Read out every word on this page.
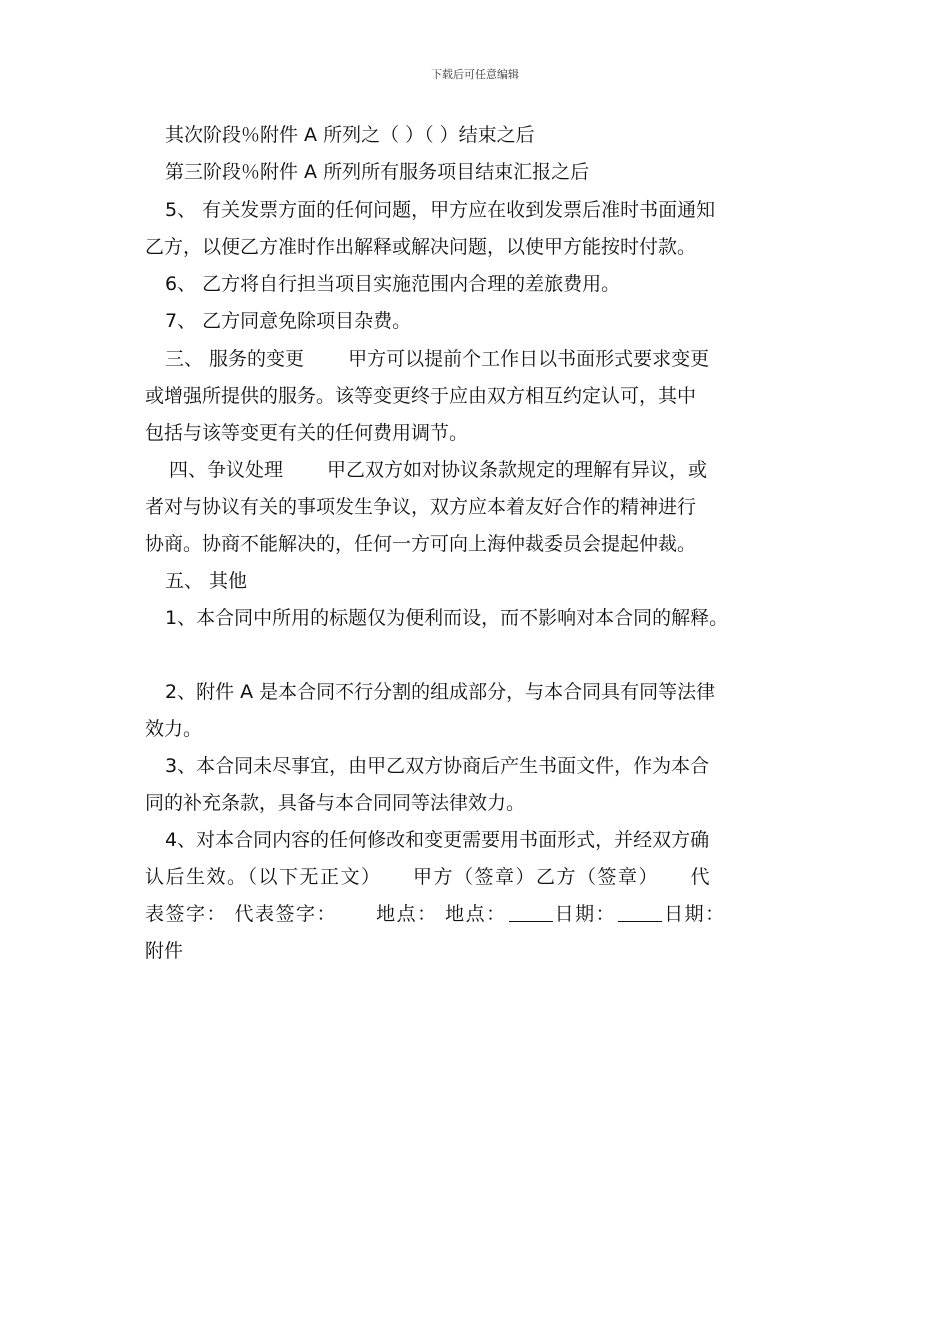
下载后可任意编辑
其次阶段％附件 A 所列之（ ）（ ）结束之后
第三阶段％附件 A 所列所有服务项目结束汇报之后
5、 有关发票方面的任何问题，甲方应在收到发票后准时书面通知
乙方，以便乙方准时作出解释或解决问题，以使甲方能按时付款。
6、 乙方将自行担当项目实施范围内合理的差旅费用。
7、 乙方同意免除项目杂费。
三、 服务的变更　　 甲方可以提前个工作日以书面形式要求变更
或增强所提供的服务。该等变更终于应由双方相互约定认可，其中
包括与该等变更有关的任何费用调节。
四、争议处理　　 甲乙双方如对协议条款规定的理解有异议，或
者对与协议有关的事项发生争议，双方应本着友好合作的精神进行
协商。协商不能解决的，任何一方可向上海仲裁委员会提起仲裁。
五、 其他
1、本合同中所用的标题仅为便利而设，而不影响对本合同的解释。
2、附件 A 是本合同不行分割的组成部分，与本合同具有同等法律
效力。
3、本合同未尽事宜，由甲乙双方协商后产生书面文件，作为本合
同的补充条款，具备与本合同同等法律效力。
4、对本合同内容的任何修改和变更需要用书面形式，并经双方确
认后生效。（以下无正文）　　甲方（签章）乙方（签章）　　代
表签字： 代表签字：　　 地点： 地点：	日期：	日期：
附件
